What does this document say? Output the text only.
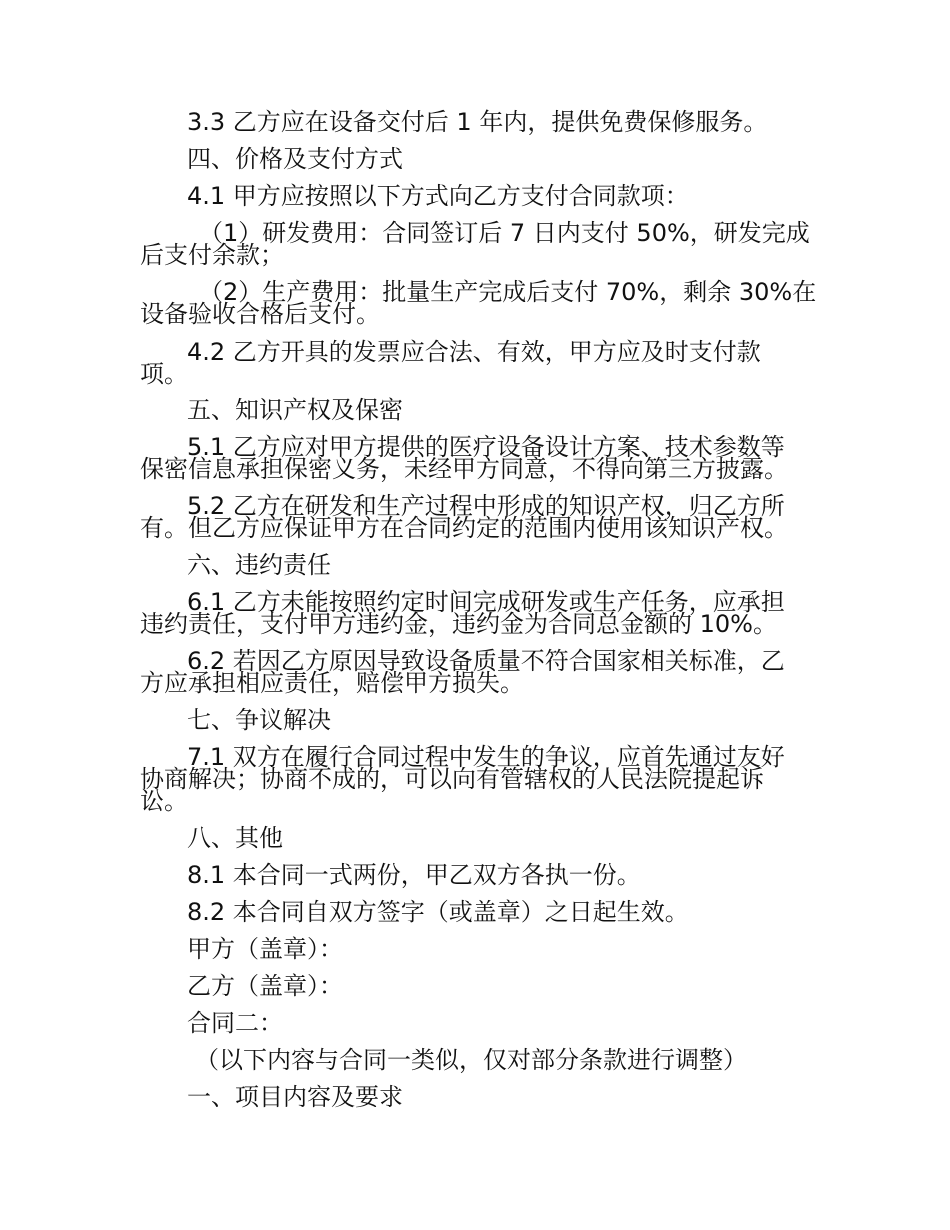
3.3 乙方应在设备交付后 1 年内，提供免费保修服务。
四、价格及支付方式
4.1 甲方应按照以下方式向乙方支付合同款项：
（1）研发费用：合同签订后 7 日内支付 50%，研发完成
后支付余款；
（2）生产费用：批量生产完成后支付 70%，剩余 30%在
设备验收合格后支付。
4.2 乙方开具的发票应合法、有效，甲方应及时支付款
项。
五、知识产权及保密
5.1 乙方应对甲方提供的医疗设备设计方案、技术参数等
保密信息承担保密义务，未经甲方同意，不得向第三方披露。
5.2 乙方在研发和生产过程中形成的知识产权，归乙方所
有。但乙方应保证甲方在合同约定的范围内使用该知识产权。
六、违约责任
6.1 乙方未能按照约定时间完成研发或生产任务，应承担
违约责任，支付甲方违约金，违约金为合同总金额的 10%。
6.2 若因乙方原因导致设备质量不符合国家相关标准，乙
方应承担相应责任，赔偿甲方损失。
七、争议解决
7.1 双方在履行合同过程中发生的争议，应首先通过友好
协商解决；协商不成的，可以向有管辖权的人民法院提起诉
讼。
八、其他
8.1 本合同一式两份，甲乙双方各执一份。
8.2 本合同自双方签字（或盖章）之日起生效。
甲方（盖章）：
乙方（盖章）：
合同二：
（以下内容与合同一类似，仅对部分条款进行调整）
一、项目内容及要求
